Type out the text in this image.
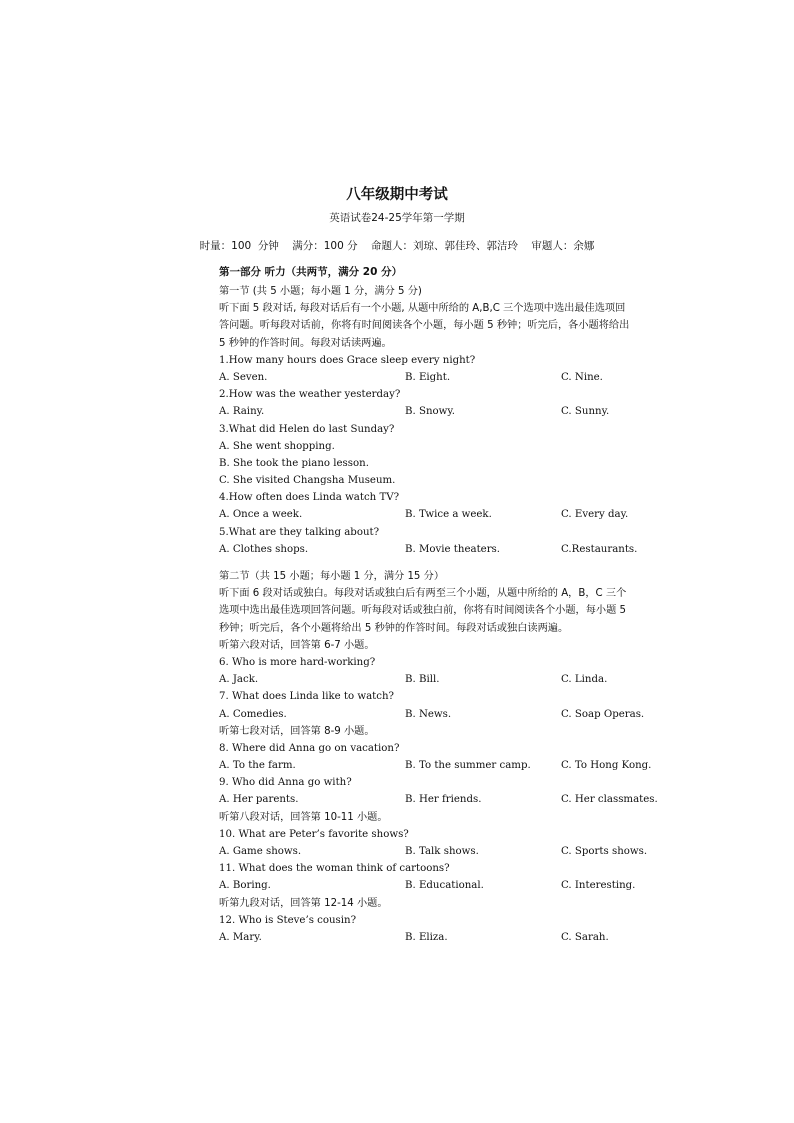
八年级期中考试
英语试卷24-25学年第一学期
时量：100  分钟    满分：100 分    命题人：刘琼、郭佳玲、郭洁玲    审题人：余娜
第一部分 听力（共两节，满分 20 分）
第一节 (共 5 小题；每小题 1 分，满分 5 分)
听下面 5 段对话, 每段对话后有一个小题, 从题中所给的 A,B,C 三个选项中选出最佳选项回
答问题。听每段对话前，你将有时间阅读各个小题，每小题 5 秒钟；听完后，各小题将给出
5 秒钟的作答时间。每段对话读两遍。
1.How many hours does Grace sleep every night?
A. Seven.	B. Eight.	C. Nine.
2.How was the weather yesterday?
A. Rainy.	B. Snowy.	C. Sunny.
3.What did Helen do last Sunday?
A. She went shopping.
B. She took the piano lesson.
C. She visited Changsha Museum.
4.How often does Linda watch TV?
A. Once a week.	B. Twice a week.	C. Every day.
5.What are they talking about?
A. Clothes shops.	B. Movie theaters.	C.Restaurants.
第二节（共 15 小题；每小题 1 分，满分 15 分）
听下面 6 段对话或独白。每段对话或独白后有两至三个小题，从题中所给的 A，B，C 三个
选项中选出最佳选项回答问题。听每段对话或独白前，你将有时间阅读各个小题，每小题 5
秒钟；听完后，各个小题将给出 5 秒钟的作答时间。每段对话或独白读两遍。
听第六段对话，回答第 6-7 小题。
6. Who is more hard-working?
A. Jack.	B. Bill.	C. Linda.
7. What does Linda like to watch?
A. Comedies.	B. News.	C. Soap Operas.
听第七段对话，回答第 8-9 小题。
8. Where did Anna go on vacation?
A. To the farm.	B. To the summer camp.	C. To Hong Kong.
9. Who did Anna go with?
A. Her parents.	B. Her friends.	C. Her classmates.
听第八段对话，回答第 10-11 小题。
10. What are Peter’s favorite shows?
A. Game shows.	B. Talk shows.	C. Sports shows.
11. What does the woman think of cartoons?
A. Boring.	B. Educational.	C. Interesting.
听第九段对话，回答第 12-14 小题。
12. Who is Steve’s cousin?
A. Mary.	B. Eliza.	C. Sarah.
